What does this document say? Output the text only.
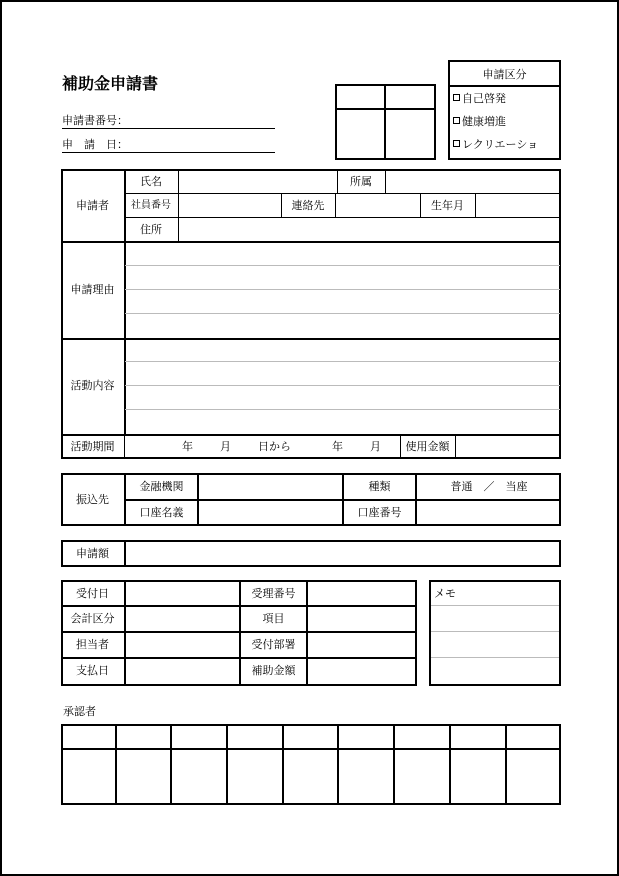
補助金申請書
申請書番号：
申　請　日：
申請区分
自己啓発
健康増進
レクリエーショ
申請者
氏名	所属
社員番号	連絡先	生年月
住所
申請理由
活動内容
活動期間	年 月 日から	年 月	使用金額
振込先
金融機関	種類	普通　／　当座
口座名義	口座番号
申請額
受付日	受理番号
会計区分	項目
担当者	受付部署
支払日	補助金額
メモ
承認者
